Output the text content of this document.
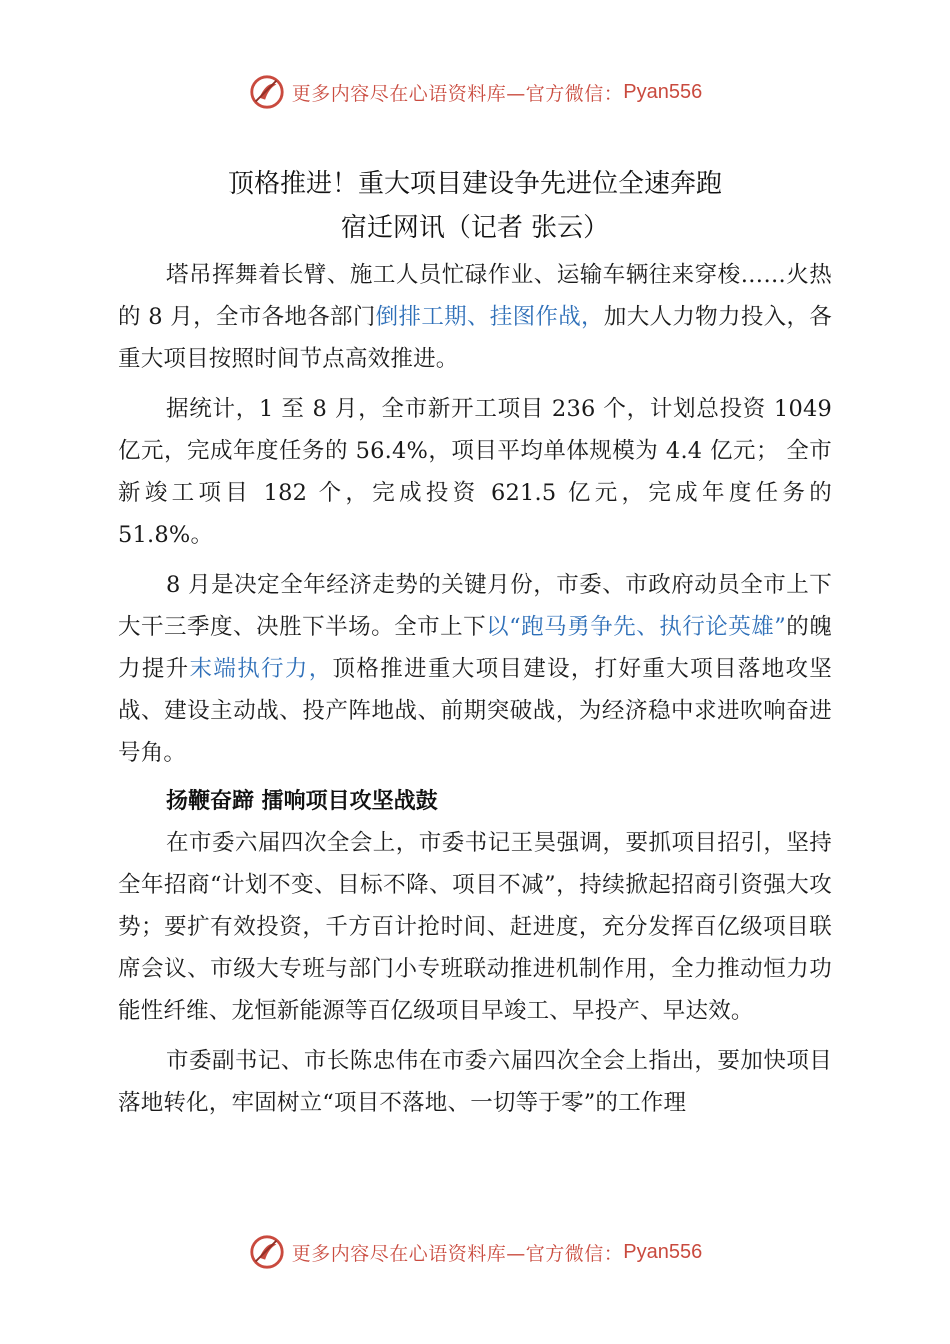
更多内容尽在心语资料库—官方微信： Pyan556
顶格推进！重大项目建设争先进位全速奔跑
宿迁网讯（记者 张云）

塔吊挥舞着长臂、施工人员忙碌作业、运输车辆往来穿梭……火热的 8 月，全市各地各部门倒排工期、挂图作战，加大人力物力投入，各重大项目按照时间节点高效推进。

据统计，1 至 8 月，全市新开工项目 236 个，计划总投资 1049 亿元，完成年度任务的 56.4%，项目平均单体规模为 4.4 亿元； 全市新竣工项目 182 个，完成投资 621.5 亿元，完成年度任务的 51.8%。

8 月是决定全年经济走势的关键月份，市委、市政府动员全市上下大干三季度、决胜下半场。全市上下以“跑马勇争先、执行论英雄”的魄力提升末端执行力，顶格推进重大项目建设，打好重大项目落地攻坚战、建设主动战、投产阵地战、前期突破战，为经济稳中求进吹响奋进号角。

扬鞭奋蹄 擂响项目攻坚战鼓

在市委六届四次全会上，市委书记王昊强调，要抓项目招引，坚持全年招商“计划不变、目标不降、项目不减”，持续掀起招商引资强大攻势；要扩有效投资，千方百计抢时间、赶进度，充分发挥百亿级项目联席会议、市级大专班与部门小专班联动推进机制作用，全力推动恒力功能性纤维、龙恒新能源等百亿级项目早竣工、早投产、早达效。

市委副书记、市长陈忠伟在市委六届四次全会上指出，要加快项目落地转化，牢固树立“项目不落地、一切等于零”的工作理

更多内容尽在心语资料库—官方微信： Pyan556
